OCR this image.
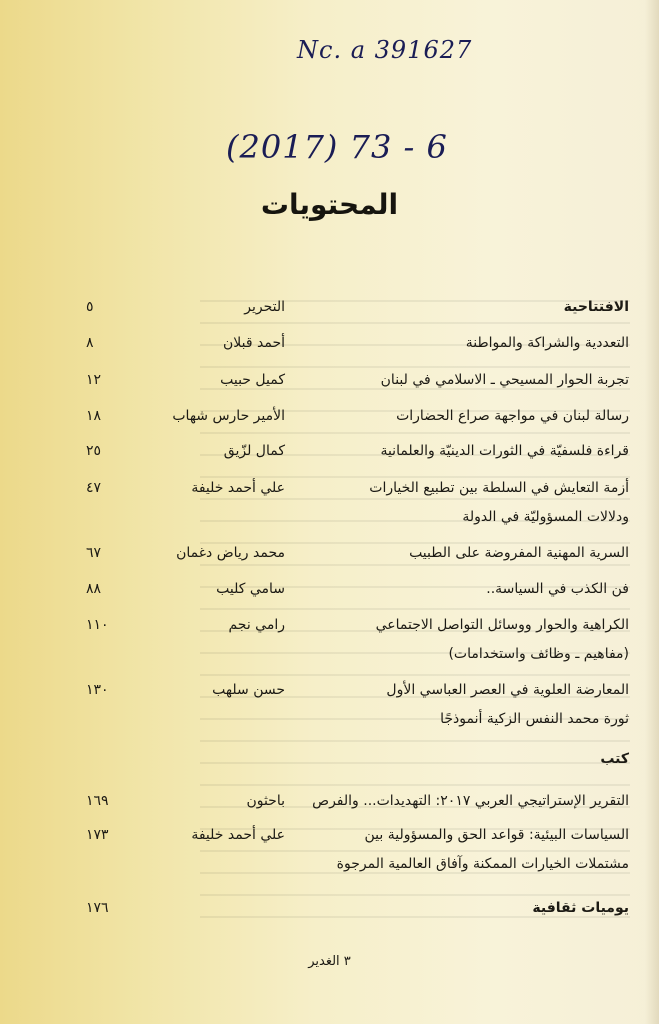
Nc. a 391627
(2017) 73 - 6
المحتويات
الافتتاحية
التحرير
٥
التعددية والشراكة والمواطنة
أحمد قبلان
٨
تجربة الحوار المسيحي ـ الاسلامي في لبنان
كميل حبيب
١٢
رسالة لبنان في مواجهة صراع الحضارات
الأمير حارس شهاب
١٨
قراءة فلسفيّة في الثورات الدينيّة والعلمانية
كمال لزّيق
٢٥
أزمة التعايش في السلطة بين تطبيع الخيارات
علي أحمد خليفة
٤٧
ودلالات المسؤوليّة في الدولة
السرية المهنية المفروضة على الطبيب
محمد رياض دغمان
٦٧
فن الكذب في السياسة..
سامي كليب
٨٨
الكراهية والحوار ووسائل التواصل الاجتماعي
رامي نجم
١١٠
(مفاهيم ـ وظائف واستخدامات)
المعارضة العلوية في العصر العباسي الأول
حسن سلهب
١٣٠
ثورة محمد النفس الزكية أنموذجًا
كتب
التقرير الإستراتيجي العربي ٢٠١٧: التهديدات... والفرص
باحثون
١٦٩
السياسات البيئية: قواعد الحق والمسؤولية بين
علي أحمد خليفة
١٧٣
مشتملات الخيارات الممكنة وآفاق العالمية المرجوة
يوميات ثقافية
١٧٦
٣ الغدير
